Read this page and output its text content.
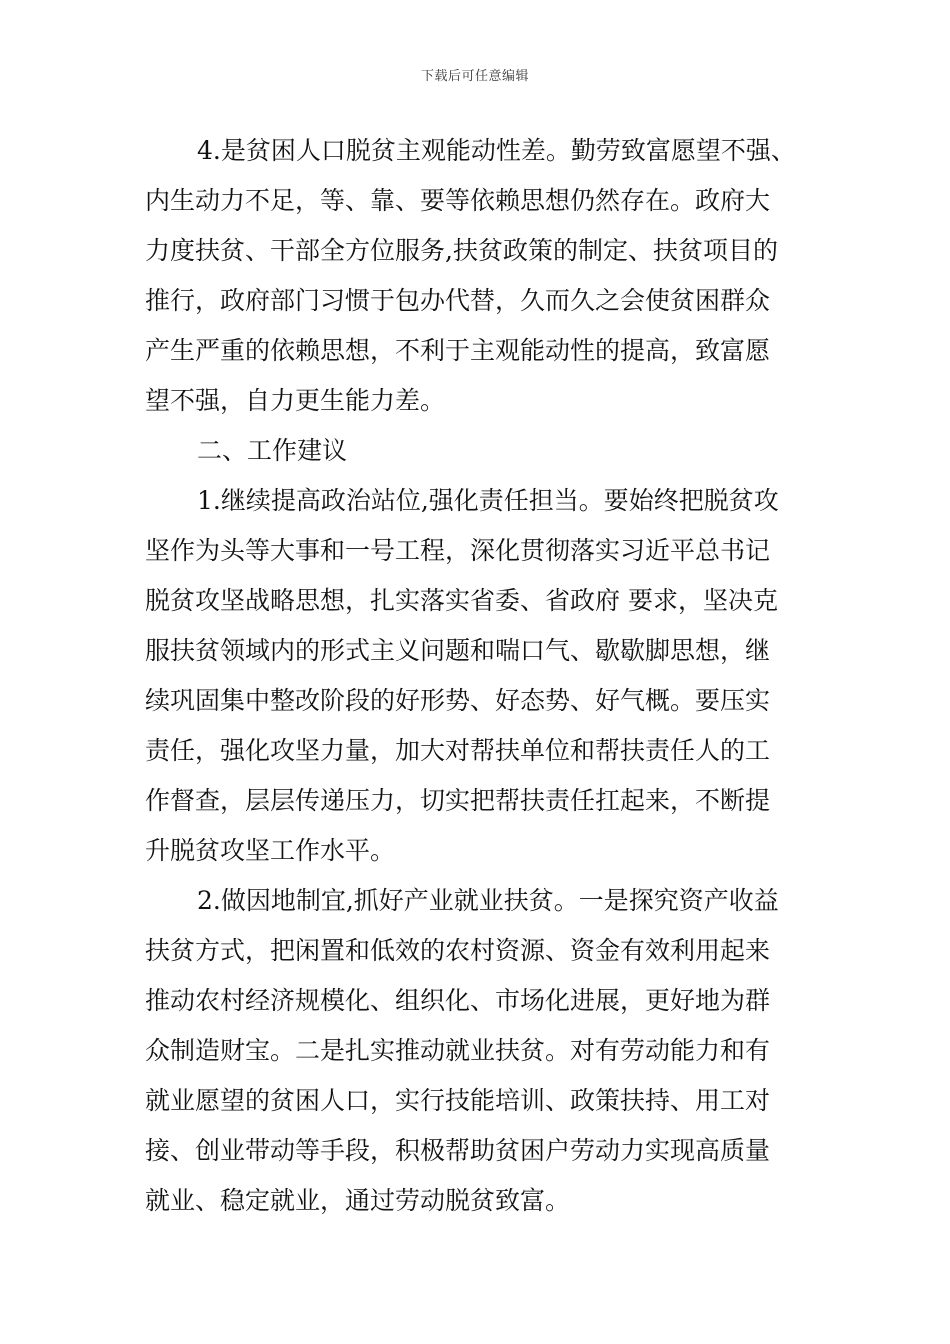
下载后可任意编辑
4.是贫困人口脱贫主观能动性差。勤劳致富愿望不强、
内生动力不足，等、靠、要等依赖思想仍然存在。政府大
力度扶贫、干部全方位服务,扶贫政策的制定、扶贫项目的
推行，政府部门习惯于包办代替，久而久之会使贫困群众
产生严重的依赖思想，不利于主观能动性的提高，致富愿
望不强，自力更生能力差。
二、工作建议
1.继续提高政治站位,强化责任担当。要始终把脱贫攻
坚作为头等大事和一号工程，深化贯彻落实习近平总书记
脱贫攻坚战略思想，扎实落实省委、省政府 要求，坚决克
服扶贫领域内的形式主义问题和喘口气、歇歇脚思想，继
续巩固集中整改阶段的好形势、好态势、好气概。要压实
责任，强化攻坚力量，加大对帮扶单位和帮扶责任人的工
作督查，层层传递压力，切实把帮扶责任扛起来，不断提
升脱贫攻坚工作水平。
2.做因地制宜,抓好产业就业扶贫。一是探究资产收益
扶贫方式，把闲置和低效的农村资源、资金有效利用起来
推动农村经济规模化、组织化、市场化进展，更好地为群
众制造财宝。二是扎实推动就业扶贫。对有劳动能力和有
就业愿望的贫困人口，实行技能培训、政策扶持、用工对
接、创业带动等手段，积极帮助贫困户劳动力实现高质量
就业、稳定就业，通过劳动脱贫致富。
